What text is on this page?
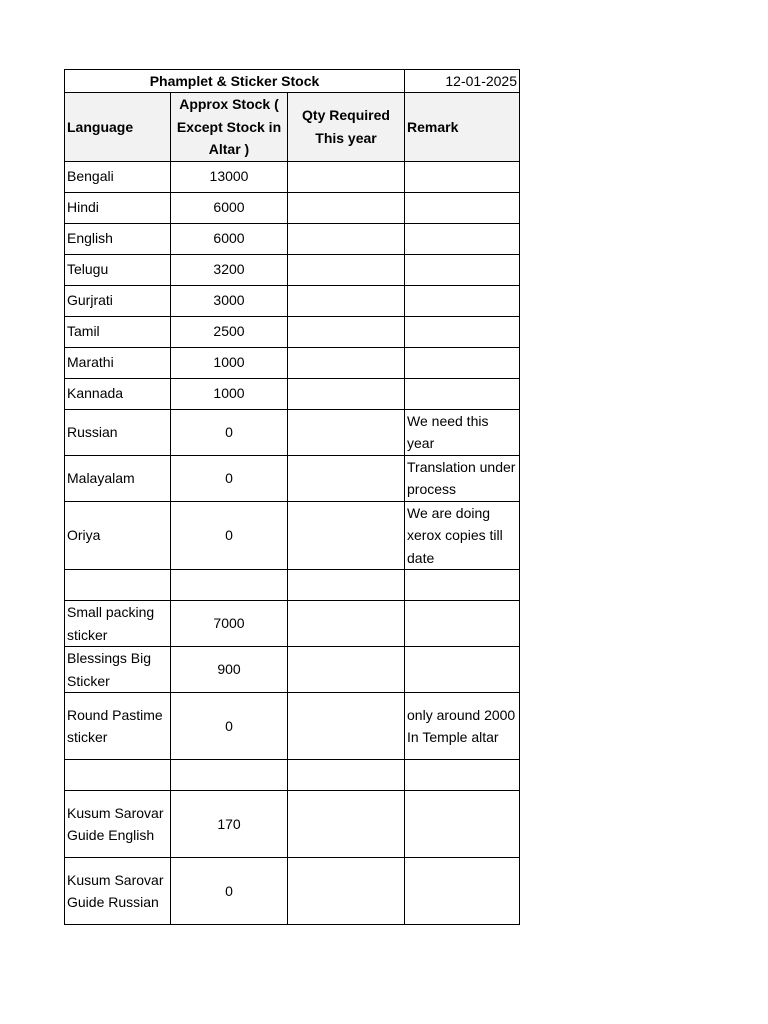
Phamplet & Sticker Stock			12-01-2025
Language	Approx Stock ( Except Stock in Altar )	Qty Required This year	Remark
Bengali	13000		
Hindi	6000		
English	6000		
Telugu	3200		
Gurjrati	3000		
Tamil	2500		
Marathi	1000		
Kannada	1000		
Russian	0		We need this year
Malayalam	0		Translation under process
Oriya	0		We are doing xerox copies till date

Small packing sticker	7000		
Blessings Big Sticker	900		
Round Pastime sticker	0		only around 2000 In Temple altar

Kusum Sarovar Guide English	170		
Kusum Sarovar Guide Russian	0		
